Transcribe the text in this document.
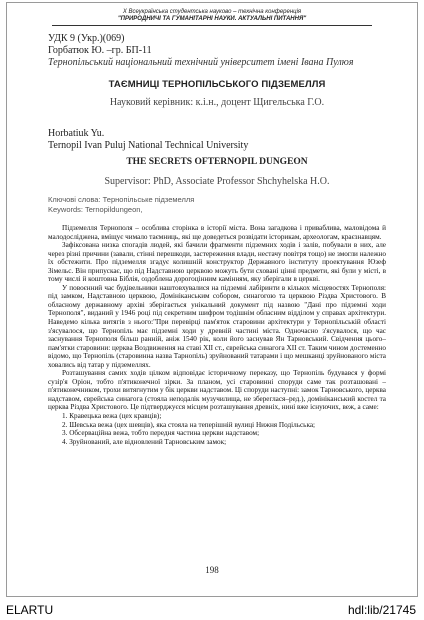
X Всеукраїнська студентська науково – технічна конференція
"ПРИРОДНИЧІ ТА ГУМАНІТАРНІ НАУКИ. АКТУАЛЬНІ ПИТАННЯ"
УДК 9 (Укр.)(069)
Горбатюк Ю. –гр. БП-11
Тернопільський національний технічний університет імені Івана Пулюя
ТАЄМНИЦІ ТЕРНОПІЛЬСЬКОГО ПІДЗЕМЕЛЛЯ
Науковий керівник: к.і.н., доцент Щигельська Г.О.
Horbatiuk Yu.
Ternopil Ivan Puluj National Technical University
THE SECRETS OFTERNOPIL DUNGEON
Supervisor: PhD, Associate Professor Shchyhelska H.O.
Ключові слова: Тернопільське підземелля
Keywords: Ternopildungeon,

Підземелля Тернополя – особлива сторінка в історії міста. Вона загадкова і приваблива, маловідома й малодосліджена, вміщує чимало таємниць, які ще доведеться розвідати історикам, археологам, краєзнавцям.

Зафіксована низка спогадів людей, які бачили фрагменти підземних ходів і залів, побували в них, але через різні причини (завали, стінні перешкоди, застереження влади, нестачу повітря тощо) не змогли належно їх обстежити. Про підземелля згадує колишній конструктор Державного інституту проектування Юзеф Зімельс. Він припускає, що під Надставною церквою можуть бути сховані цінні предмети, які були у місті, в тому числі й коштовна Біблія, оздоблена дорогоцінним камінням, яку зберігали в церкві.

У повоєнний час будівельники наштовхувалися на підземні лабіринти в кількох місцевостях Тернополя: під замком, Надставною церквою, Домініканським собором, синагогою та церквою Різдва Христового. В обласному державному архіві зберігається унікальний документ під назвою "Дані про підземні ходи Тернополя", виданий у 1946 році під секретним шифром тодішнім обласним відділом у справах архітектури. Наведемо кілька витягів з нього:"При перевірці пам'яток старовини архітектури у Тернопільській області з'ясувалося, що Тернопіль має підземні ходи у древній частині міста. Одночасно з'ясувалося, що час заснування Тернополя більш ранній, аніж 1540 рік, коли його заснував Ян Тарновський. Свідчення цього–пам'ятки старовини: церква Воздвиження на ставі XII ст., єврейська синагога XII ст. Таким чином достеменно відомо, що Тернопіль (старовинна назва Тарнопіль) зруйнований татарами і що мешканці зруйнованого міста ховались від татар у підземеллях.

Розташування самих ходів цілком відповідає історичному переказу, що Тернопіль будувався у формі сузір'я Оріон, тобто п'ятиконечної зірки. За планом, усі старовинні споруди саме так розташовані – п'ятиконечником, трохи витягнутим у бік церкви надставом. Ці споруди наступні: замок Тарновського, церква надставом, єврейська синагога (стояла неподалік музучилища, не збереглася–ред.), домініканський костел та церква Різдва Христового. Це підтверджуєся місцем розташування древніх, нині вже існуючих, веж, а саме:

1. Кравецька вежа (цех кравців);

2. Шевська вежа (цех шевців), яка стояла на теперішній вулиці Нижня Подільська;

3. Обсерваційна вежа, тобто передня частина церкви надставом;

4. Зруйнований, але відновлений Тарновським замок;

198
ELARTU	hdl:lib/21745
